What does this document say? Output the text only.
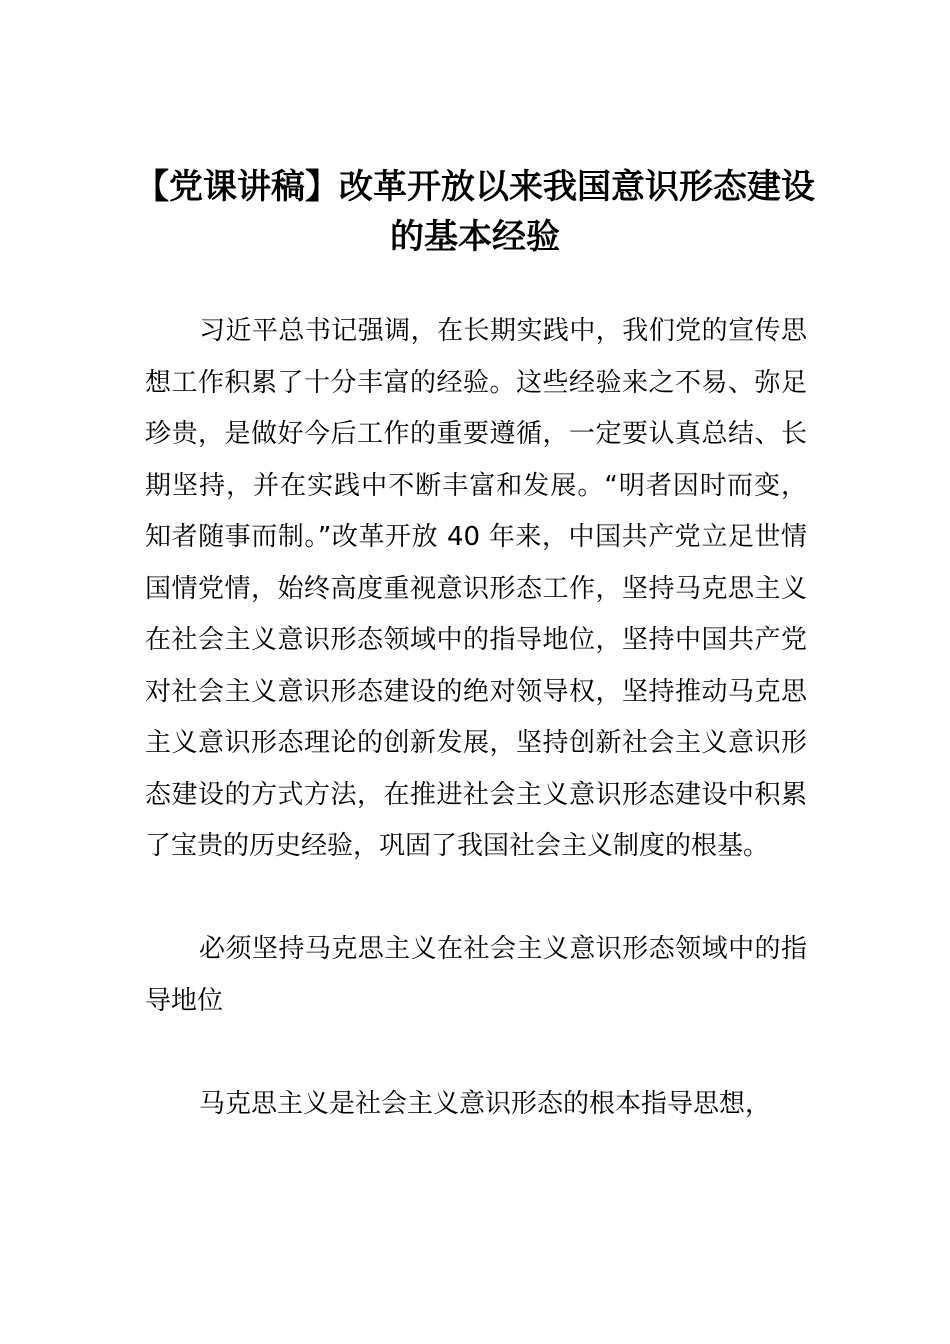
【党课讲稿】改革开放以来我国意识形态建设的基本经验

习近平总书记强调，在长期实践中，我们党的宣传思想工作积累了十分丰富的经验。这些经验来之不易、弥足珍贵，是做好今后工作的重要遵循，一定要认真总结、长期坚持，并在实践中不断丰富和发展。“明者因时而变，知者随事而制。”改革开放 40 年来，中国共产党立足世情国情党情，始终高度重视意识形态工作，坚持马克思主义在社会主义意识形态领域中的指导地位，坚持中国共产党对社会主义意识形态建设的绝对领导权，坚持推动马克思主义意识形态理论的创新发展，坚持创新社会主义意识形态建设的方式方法，在推进社会主义意识形态建设中积累了宝贵的历史经验，巩固了我国社会主义制度的根基。

必须坚持马克思主义在社会主义意识形态领域中的指导地位

马克思主义是社会主义意识形态的根本指导思想，
